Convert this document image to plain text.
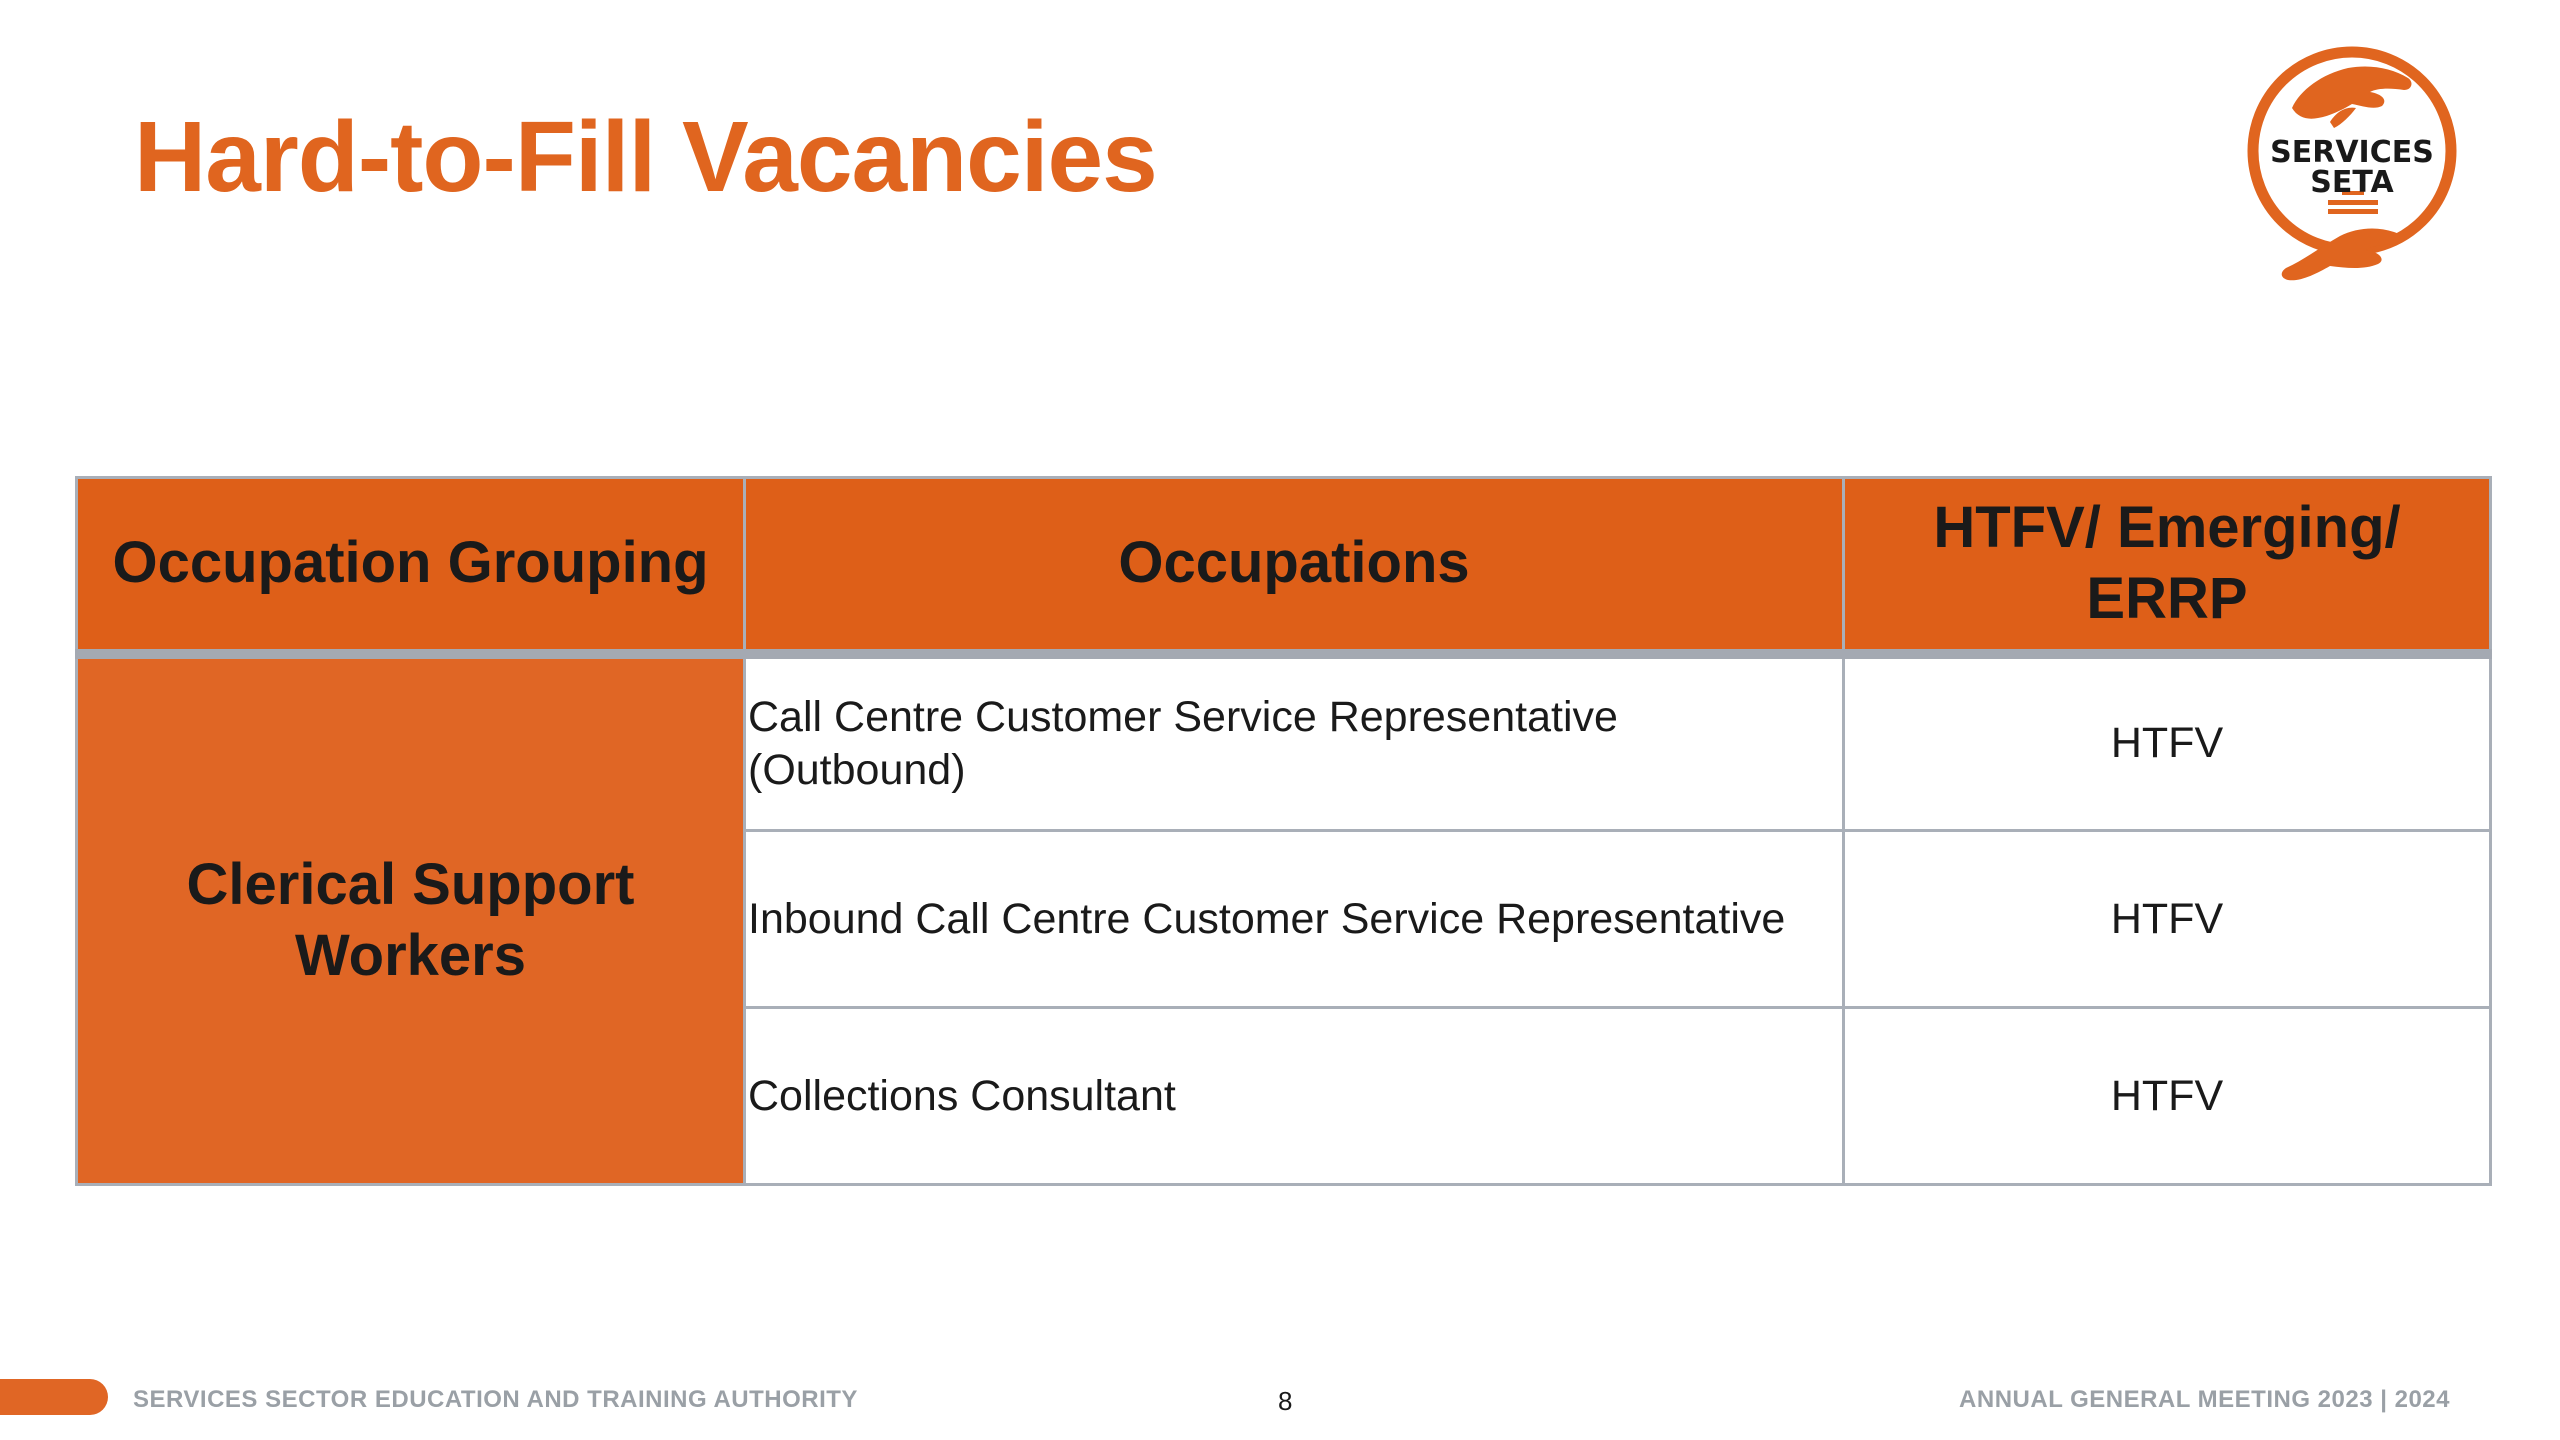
Hard-to-Fill Vacancies	SERVICES
SETA
Occupation Grouping	Occupations	HTFV/ Emerging/ ERRP
Clerical Support Workers	Call Centre Customer Service Representative (Outbound)	HTFV
	Inbound Call Centre Customer Service Representative	HTFV
	Collections Consultant	HTFV
SERVICES SECTOR EDUCATION AND TRAINING AUTHORITY	8	ANNUAL GENERAL MEETING 2023 | 2024
